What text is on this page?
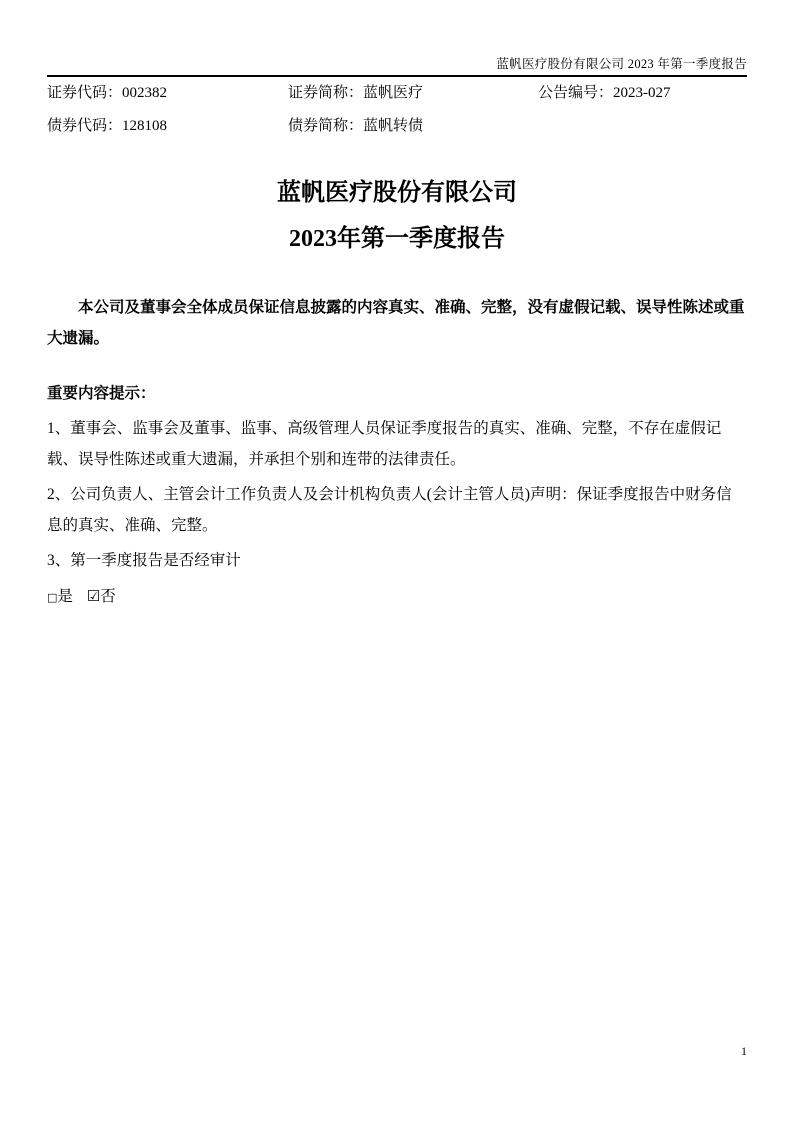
蓝帆医疗股份有限公司 2023 年第一季度报告
证券代码：002382	证券简称：蓝帆医疗	公告编号：2023-027
债券代码：128108	债券简称：蓝帆转债
蓝帆医疗股份有限公司
2023年第一季度报告

本公司及董事会全体成员保证信息披露的内容真实、准确、完整，没有虚假记载、误导性陈述或重大遗漏。

重要内容提示：

1、董事会、监事会及董事、监事、高级管理人员保证季度报告的真实、准确、完整，不存在虚假记载、误导性陈述或重大遗漏，并承担个别和连带的法律责任。

2、公司负责人、主管会计工作负责人及会计机构负责人(会计主管人员)声明：保证季度报告中财务信息的真实、准确、完整。

3、第一季度报告是否经审计

□是 ☑否

1
